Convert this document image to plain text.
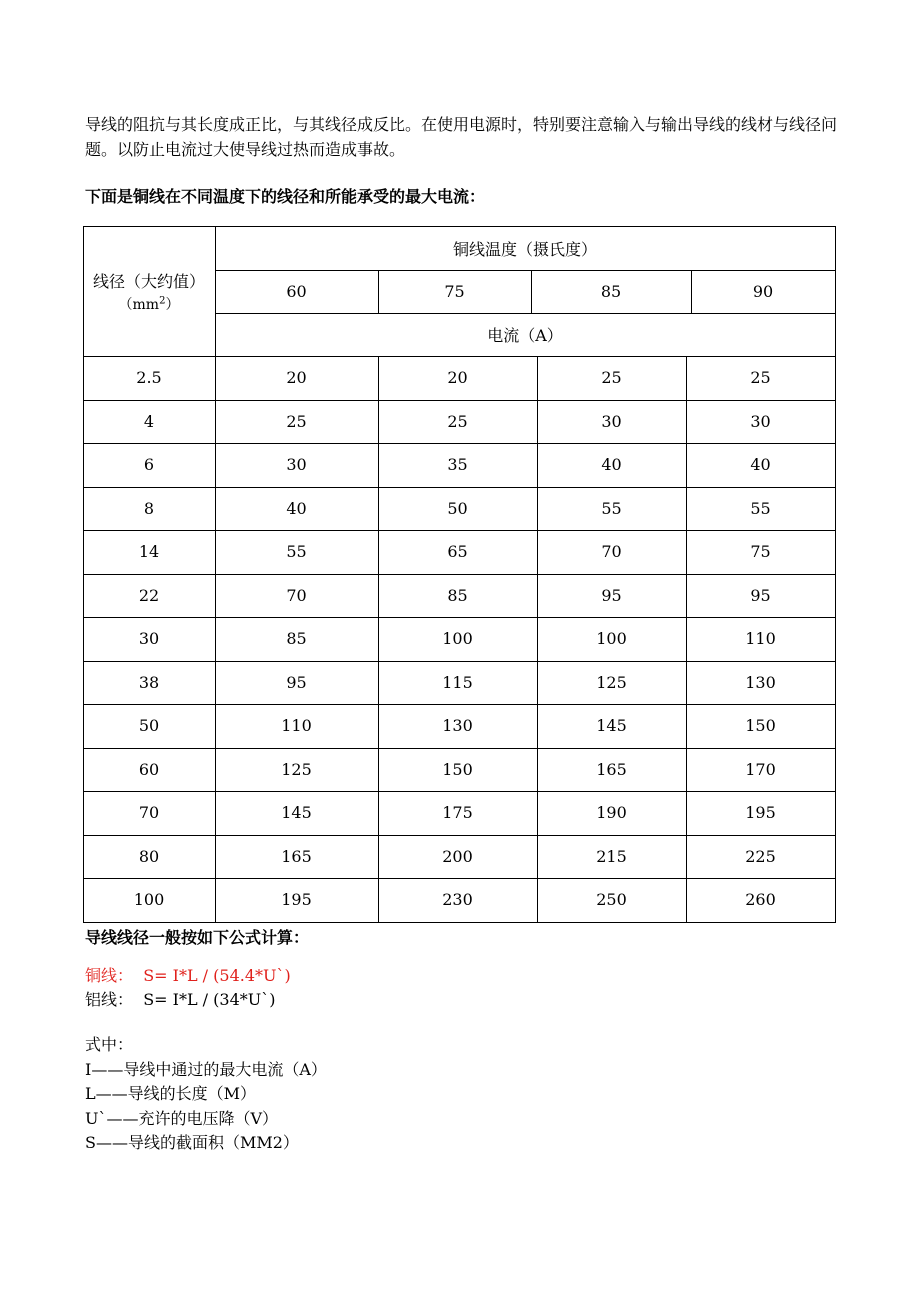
导线的阻抗与其长度成正比，与其线径成反比。在使用电源时，特别要注意输入与输出导线的线材与线径问题。以防止电流过大使导线过热而造成事故。

下面是铜线在不同温度下的线径和所能承受的最大电流：

线径（大约值）
$(mm^2)$
铜线温度（摄氏度）
60	75	85	90
电流（A）
2.5	20	20	25	25
4	25	25	30	30
6	30	35	40	40
8	40	50	55	55
14	55	65	70	75
22	70	85	95	95
30	85	100	100	110
38	95	115	125	130
50	110	130	145	150
60	125	150	165	170
70	145	175	190	195
80	165	200	215	225
100	195	230	250	260

导线线径一般按如下公式计算：

铜线：  S= I*L / (54.4*U`)
铝线：  S= I*L / (34*U`)
式中：
I——导线中通过的最大电流（A）
L——导线的长度（M）
U`——充许的电压降（V）
S——导线的截面积（MM2）
